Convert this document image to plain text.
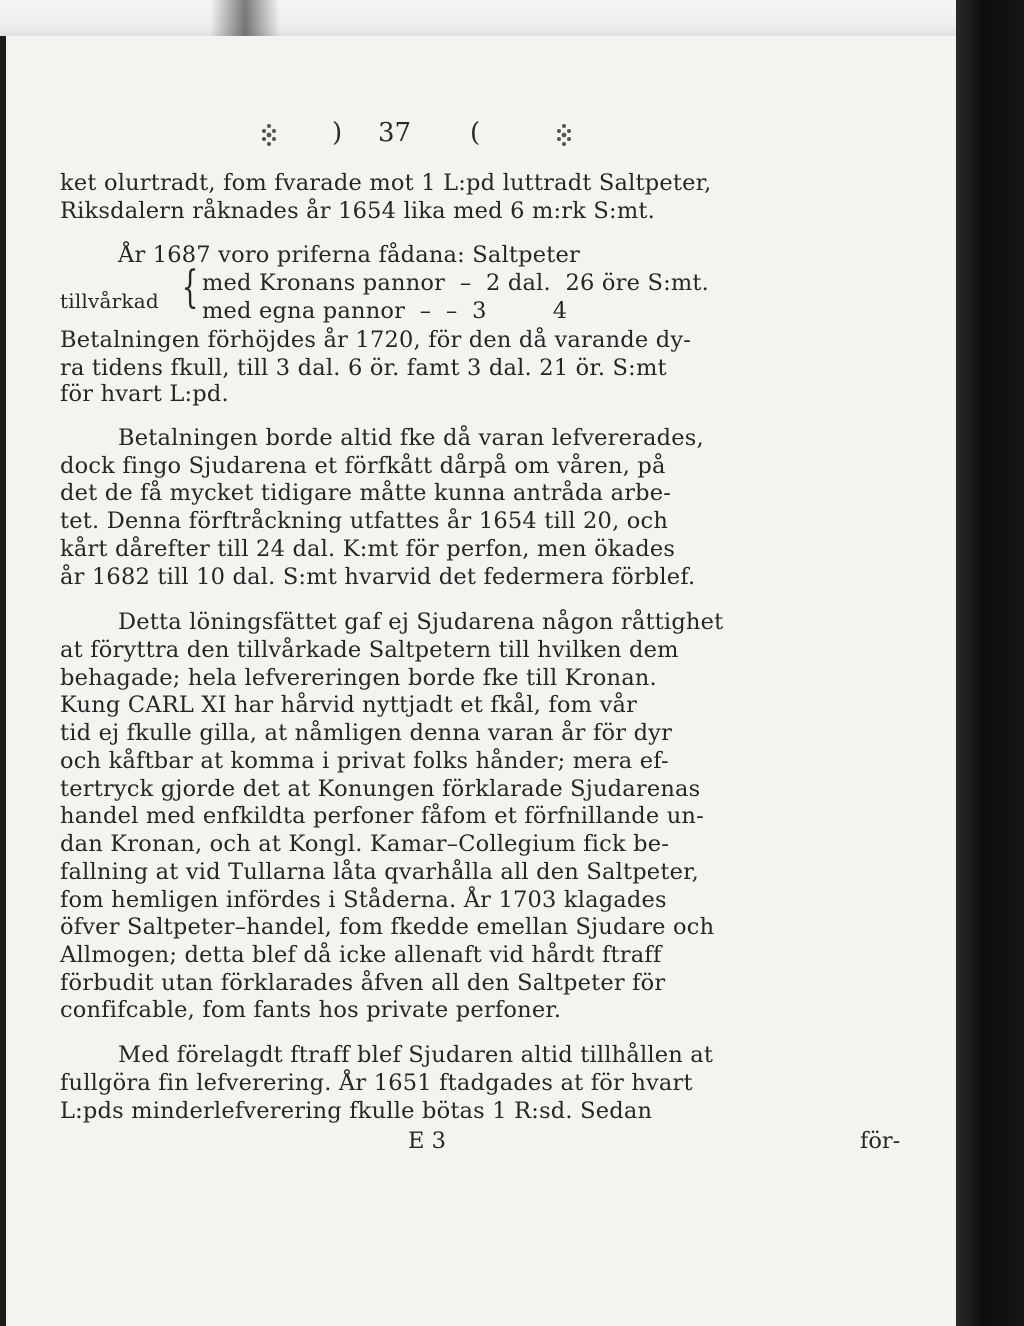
) 37 (

ket olurtradt, fom fvarade mot 1 L:pd luttradt Saltpeter,

Riksdalern råknades år 1654 lika med 6 m:rk S:mt.

År 1687 voro priferna fådana: Saltpeter

tillvårkad

{

med Kronans pannor  –  2 dal.  26 öre S:mt.

med egna pannor  –  –  3         4

Betalningen förhöjdes år 1720, för den då varande dy-

ra tidens fkull, till 3 dal. 6 ör. famt 3 dal. 21 ör. S:mt

för hvart L:pd.

Betalningen borde altid fke då varan lefvererades,

dock fingo Sjudarena et förfkått dårpå om våren, på

det de få mycket tidigare måtte kunna antråda arbe-

tet. Denna förftråckning utfattes år 1654 till 20, och

kårt dårefter till 24 dal. K:mt för perfon, men ökades

år 1682 till 10 dal. S:mt hvarvid det federmera förblef.

Detta löningsfättet gaf ej Sjudarena någon råttighet

at föryttra den tillvårkade Saltpetern till hvilken dem

behagade; hela lefvereringen borde fke till Kronan.

Kung CARL XI har hårvid nyttjadt et fkål, fom vår

tid ej fkulle gilla, at nåmligen denna varan år för dyr

och kåftbar at komma i privat folks hånder; mera ef-

tertryck gjorde det at Konungen förklarade Sjudarenas

handel med enfkildta perfoner fåfom et förfnillande un-

dan Kronan, och at Kongl. Kamar–Collegium fick be-

fallning at vid Tullarna låta qvarhålla all den Saltpeter,

fom hemligen infördes i Ståderna. År 1703 klagades

öfver Saltpeter–handel, fom fkedde emellan Sjudare och

Allmogen; detta blef då icke allenaft vid hårdt ftraff

förbudit utan förklarades åfven all den Saltpeter för

confifcable, fom fants hos private perfoner.

Med förelagdt ftraff blef Sjudaren altid tillhållen at

fullgöra fin lefverering. År 1651 ftadgades at för hvart

L:pds minderlefverering fkulle bötas 1 R:sd. Sedan

E 3	för-
